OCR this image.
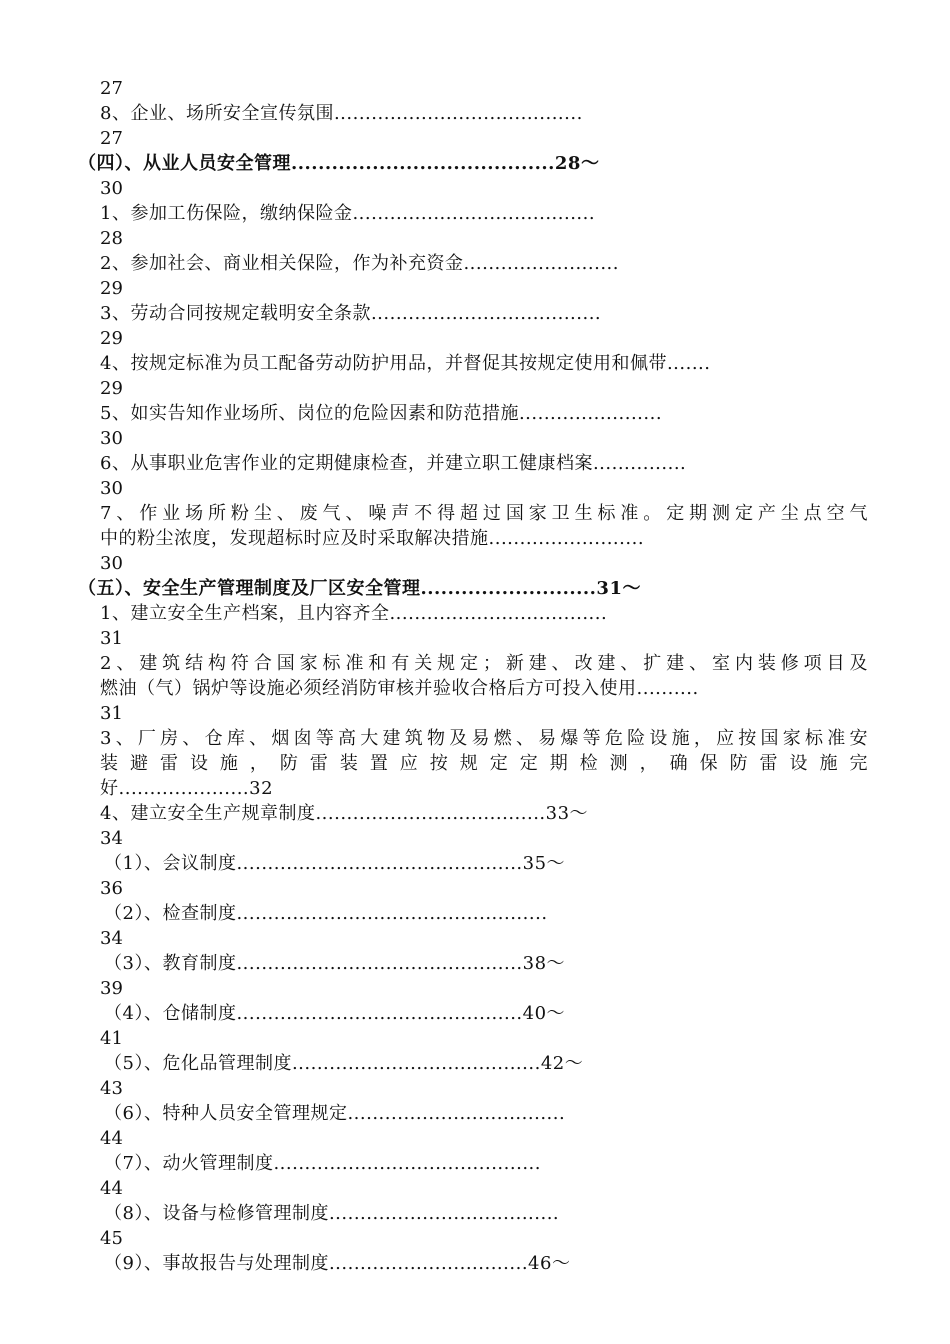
27
8、企业、场所安全宣传氛围........................................
27
（四）、从业人员安全管理.......................................28～
30
1、参加工伤保险，缴纳保险金.......................................
28
2、参加社会、商业相关保险，作为补充资金.........................
29
3、劳动合同按规定载明安全条款.....................................
29
4、按规定标准为员工配备劳动防护用品，并督促其按规定使用和佩带.......
29
5、如实告知作业场所、岗位的危险因素和防范措施.......................
30
6、从事职业危害作业的定期健康检查，并建立职工健康档案...............
30
7、作业场所粉尘、废气、噪声不得超过国家卫生标准。定期测定产尘点空气
中的粉尘浓度，发现超标时应及时采取解决措施.........................
30
（五）、安全生产管理制度及厂区安全管理..........................31～
1、建立安全生产档案，且内容齐全...................................
31
2、建筑结构符合国家标准和有关规定；新建、改建、扩建、室内装修项目及
燃油（气）锅炉等设施必须经消防审核并验收合格后方可投入使用..........
31
3、厂房、仓库、烟囱等高大建筑物及易燃、易爆等危险设施，应按国家标准安
装 避 雷 设 施 ， 防 雷 装 置 应 按 规 定 定 期 检 测 ， 确 保 防 雷 设 施 完
好.....................32
4、建立安全生产规章制度.....................................33～
34
（1）、会议制度..............................................35～
36
（2）、检查制度..................................................
34
（3）、教育制度..............................................38～
39
（4）、仓储制度..............................................40～
41
（5）、危化品管理制度........................................42～
43
（6）、特种人员安全管理规定...................................
44
（7）、动火管理制度...........................................
44
（8）、设备与检修管理制度.....................................
45
（9）、事故报告与处理制度................................46～
